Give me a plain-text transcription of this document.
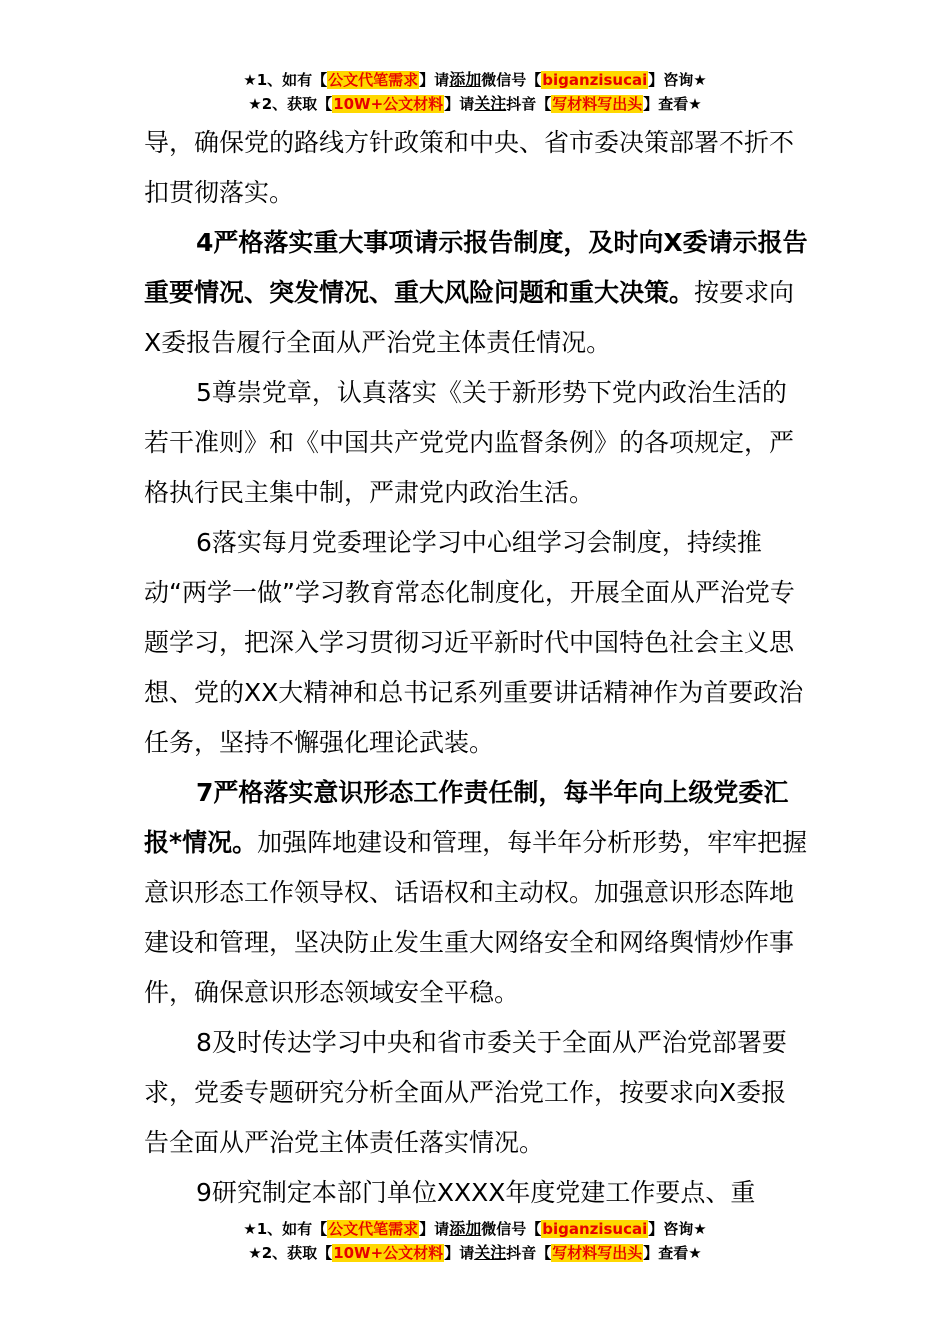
★1、如有【公文代笔需求】请添加微信号【biganzisucai】咨询★
★2、获取【10W+公文材料】请关注抖音【写材料写出头】查看★

导，确保党的路线方针政策和中央、省市委决策部署不折不扣贯彻落实。

4严格落实重大事项请示报告制度，及时向X委请示报告重要情况、突发情况、重大风险问题和重大决策。按要求向X委报告履行全面从严治党主体责任情况。

5尊崇党章，认真落实《关于新形势下党内政治生活的若干准则》和《中国共产党党内监督条例》的各项规定，严格执行民主集中制，严肃党内政治生活。

6落实每月党委理论学习中心组学习会制度，持续推动“两学一做”学习教育常态化制度化，开展全面从严治党专题学习，把深入学习贯彻习近平新时代中国特色社会主义思想、党的XX大精神和总书记系列重要讲话精神作为首要政治任务，坚持不懈强化理论武装。

7严格落实意识形态工作责任制，每半年向上级党委汇报*情况。加强阵地建设和管理，每半年分析形势，牢牢把握意识形态工作领导权、话语权和主动权。加强意识形态阵地建设和管理，坚决防止发生重大网络安全和网络舆情炒作事件，确保意识形态领域安全平稳。

8及时传达学习中央和省市委关于全面从严治党部署要求，党委专题研究分析全面从严治党工作，按要求向X委报告全面从严治党主体责任落实情况。

9研究制定本部门单位XXXX年度党建工作要点、重

★1、如有【公文代笔需求】请添加微信号【biganzisucai】咨询★
★2、获取【10W+公文材料】请关注抖音【写材料写出头】查看★
